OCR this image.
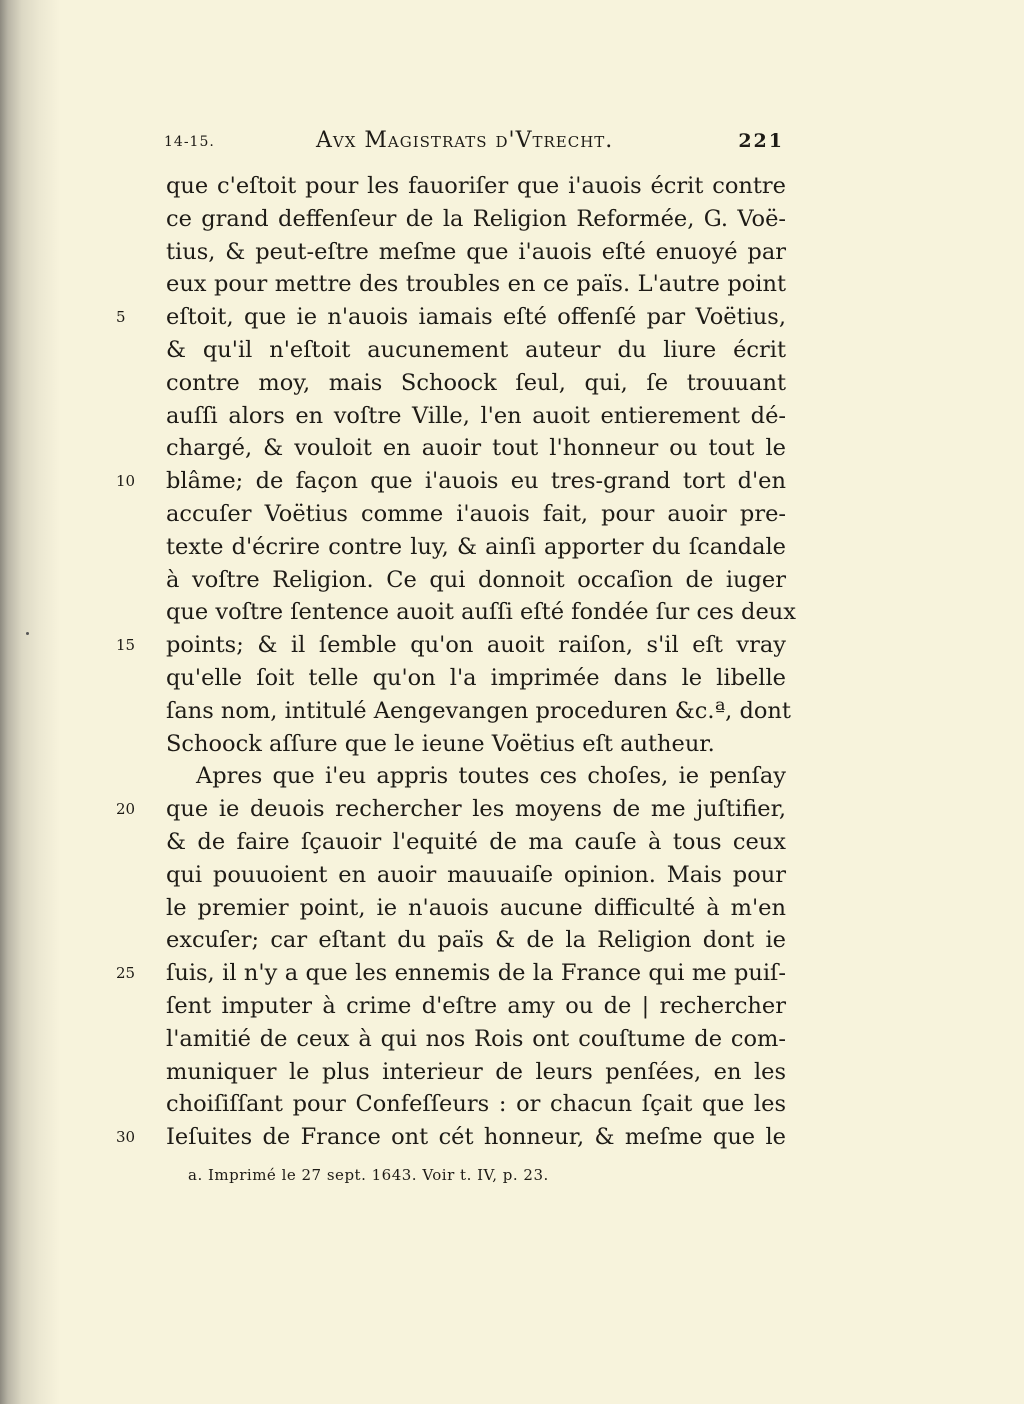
14-15.	Avx Magistrats d'Vtrecht.	221
que c'eſtoit pour les fauoriſer que i'auois écrit contre
ce grand deffenſeur de la Religion Reformée, G. Voë-
tius, & peut-eſtre meſme que i'auois eſté enuoyé par
eux pour mettre des troubles en ce païs. L'autre point
5	eſtoit, que ie n'auois iamais eſté offenſé par Voëtius,
& qu'il n'eſtoit aucunement auteur du liure écrit
contre moy, mais Schoock ſeul, qui, ſe trouuant
auſſi alors en voſtre Ville, l'en auoit entierement dé-
chargé, & vouloit en auoir tout l'honneur ou tout le
10	blâme; de façon que i'auois eu tres-grand tort d'en
accuſer Voëtius comme i'auois fait, pour auoir pre-
texte d'écrire contre luy, & ainſi apporter du ſcandale
à voſtre Religion. Ce qui donnoit occaſion de iuger
que voſtre ſentence auoit auſſi eſté fondée ſur ces deux
15	points; & il ſemble qu'on auoit raiſon, s'il eſt vray
qu'elle ſoit telle qu'on l'a imprimée dans le libelle
ſans nom, intitulé Aengevangen proceduren &c.ª, dont
Schoock aſſure que le ieune Voëtius eſt autheur.
Apres que i'eu appris toutes ces choſes, ie penſay
20	que ie deuois rechercher les moyens de me juſtifier,
& de faire ſçauoir l'equité de ma cauſe à tous ceux
qui pouuoient en auoir mauuaiſe opinion. Mais pour
le premier point, ie n'auois aucune difficulté à m'en
excuſer; car eſtant du païs & de la Religion dont ie
25	ſuis, il n'y a que les ennemis de la France qui me puiſ-
ſent imputer à crime d'eſtre amy ou de | rechercher
l'amitié de ceux à qui nos Rois ont couſtume de com-
muniquer le plus interieur de leurs penſées, en les
choiſiſſant pour Confeſſeurs : or chacun ſçait que les
30	Ieſuites de France ont cét honneur, & meſme que le
a. Imprimé le 27 sept. 1643. Voir t. IV, p. 23.
